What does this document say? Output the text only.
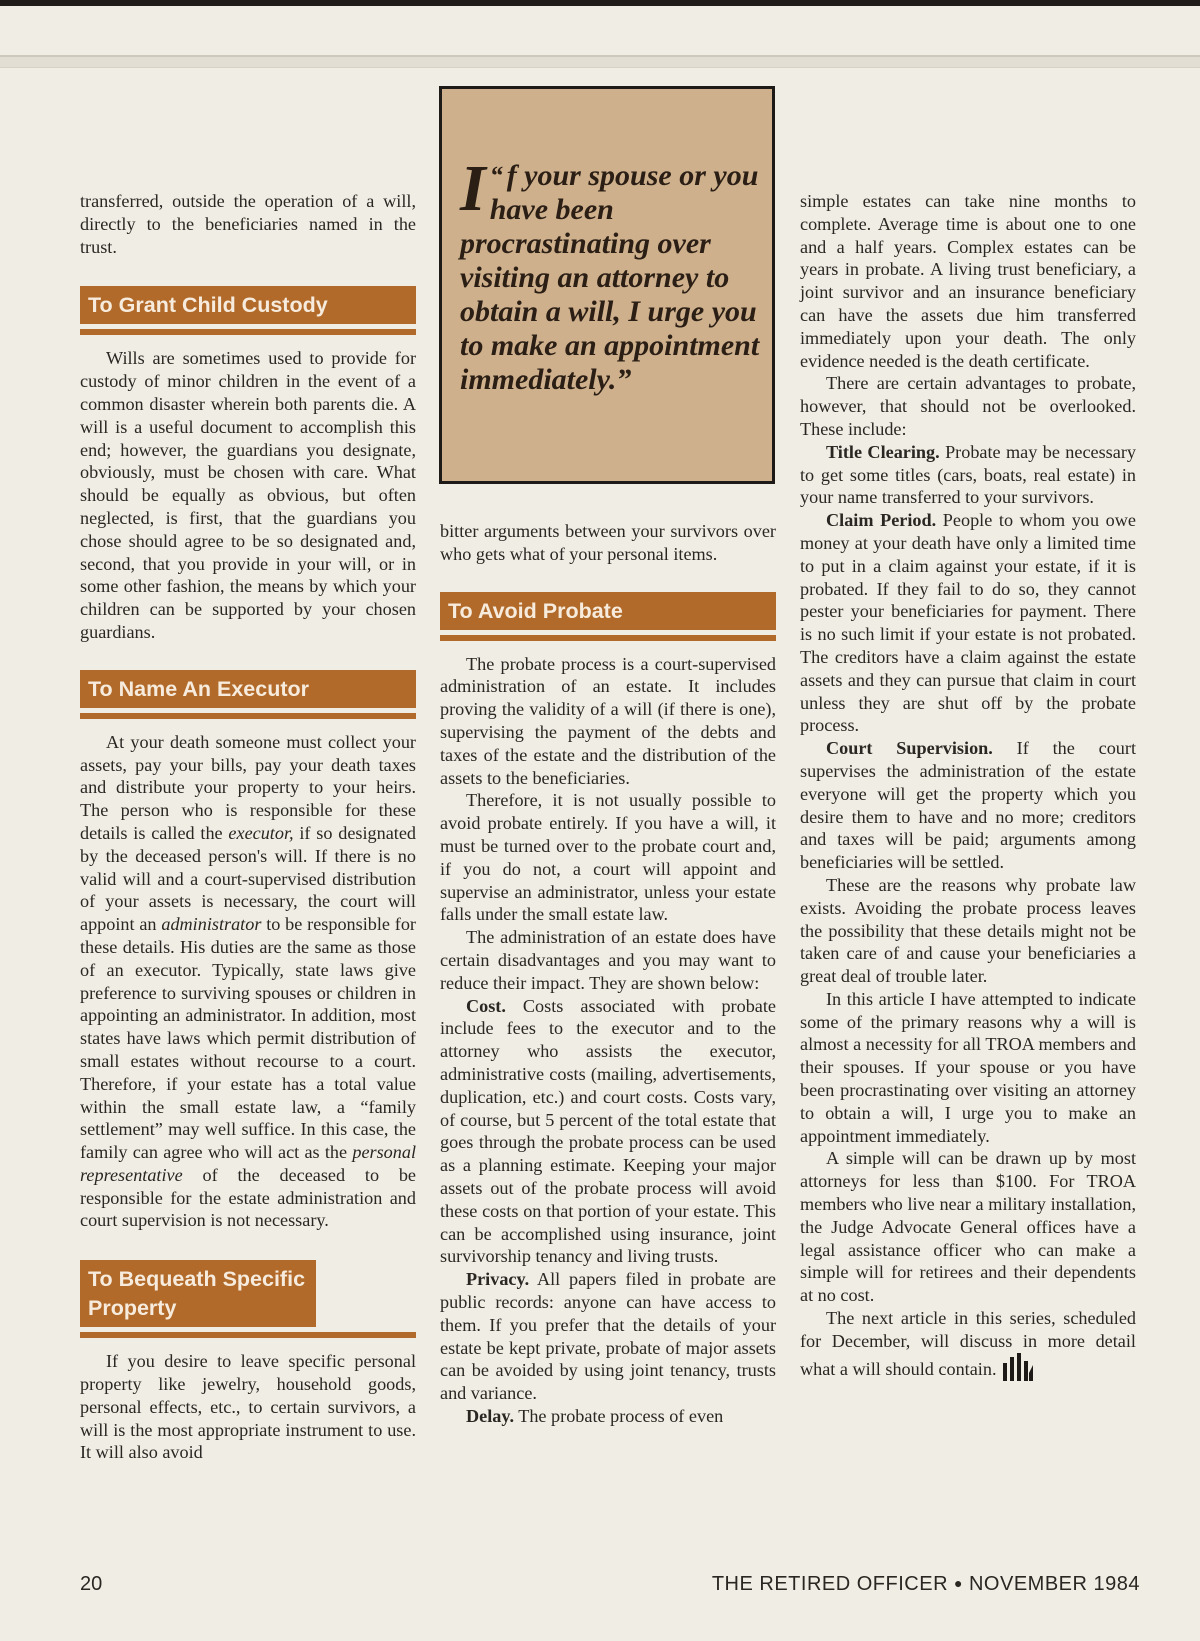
transferred, outside the operation of a will, directly to the beneficiaries named in the trust.

To Grant Child Custody

Wills are sometimes used to provide for custody of minor children in the event of a common disaster wherein both parents die. A will is a useful document to accomplish this end; however, the guardians you designate, obviously, must be chosen with care. What should be equally as obvious, but often neglected, is first, that the guardians you chose should agree to be so designated and, second, that you provide in your will, or in some other fashion, the means by which your children can be supported by your chosen guardians.

To Name An Executor

At your death someone must collect your assets, pay your bills, pay your death taxes and distribute your property to your heirs. The person who is responsible for these details is called the executor, if so designated by the deceased person's will. If there is no valid will and a court-supervised distribution of your assets is necessary, the court will appoint an administrator to be responsible for these details. His duties are the same as those of an executor. Typically, state laws give preference to surviving spouses or children in appointing an administrator. In addition, most states have laws which permit distribution of small estates without recourse to a court. Therefore, if your estate has a total value within the small estate law, a “family settlement” may well suffice. In this case, the family can agree who will act as the personal representative of the deceased to be responsible for the estate administration and court supervision is not necessary.

To Bequeath Specific Property

If you desire to leave specific personal property like jewelry, household goods, personal effects, etc., to certain survivors, a will is the most appropriate instrument to use. It will also avoid

“
I f your spouse or you have been procrastinating over visiting an attorney to obtain a will, I urge you to make an appointment immediately.”

bitter arguments between your survivors over who gets what of your personal items.

To Avoid Probate

The probate process is a court-supervised administration of an estate. It includes proving the validity of a will (if there is one), supervising the payment of the debts and taxes of the estate and the distribution of the assets to the beneficiaries.

Therefore, it is not usually possible to avoid probate entirely. If you have a will, it must be turned over to the probate court and, if you do not, a court will appoint and supervise an administrator, unless your estate falls under the small estate law.

The administration of an estate does have certain disadvantages and you may want to reduce their impact. They are shown below:

Cost. Costs associated with probate include fees to the executor and to the attorney who assists the executor, administrative costs (mailing, advertisements, duplication, etc.) and court costs. Costs vary, of course, but 5 percent of the total estate that goes through the probate process can be used as a planning estimate. Keeping your major assets out of the probate process will avoid these costs on that portion of your estate. This can be accomplished using insurance, joint survivorship tenancy and living trusts.

Privacy. All papers filed in probate are public records: anyone can have access to them. If you prefer that the details of your estate be kept private, probate of major assets can be avoided by using joint tenancy, trusts and variance.

Delay. The probate process of even

simple estates can take nine months to complete. Average time is about one to one and a half years. Complex estates can be years in probate. A living trust beneficiary, a joint survivor and an insurance beneficiary can have the assets due him transferred immediately upon your death. The only evidence needed is the death certificate.

There are certain advantages to probate, however, that should not be overlooked. These include:

Title Clearing. Probate may be necessary to get some titles (cars, boats, real estate) in your name transferred to your survivors.

Claim Period. People to whom you owe money at your death have only a limited time to put in a claim against your estate, if it is probated. If they fail to do so, they cannot pester your beneficiaries for payment. There is no such limit if your estate is not probated. The creditors have a claim against the estate assets and they can pursue that claim in court unless they are shut off by the probate process.

Court Supervision. If the court supervises the administration of the estate everyone will get the property which you desire them to have and no more; creditors and taxes will be paid; arguments among beneficiaries will be settled.

These are the reasons why probate law exists. Avoiding the probate process leaves the possibility that these details might not be taken care of and cause your beneficiaries a great deal of trouble later.

In this article I have attempted to indicate some of the primary reasons why a will is almost a necessity for all TROA members and their spouses. If your spouse or you have been procrastinating over visiting an attorney to obtain a will, I urge you to make an appointment immediately.

A simple will can be drawn up by most attorneys for less than $100. For TROA members who live near a military installation, the Judge Advocate General offices have a legal assistance officer who can make a simple will for retirees and their dependents at no cost.

The next article in this series, scheduled for December, will discuss in more detail what a will should contain.

20	THE RETIRED OFFICER ● NOVEMBER 1984
